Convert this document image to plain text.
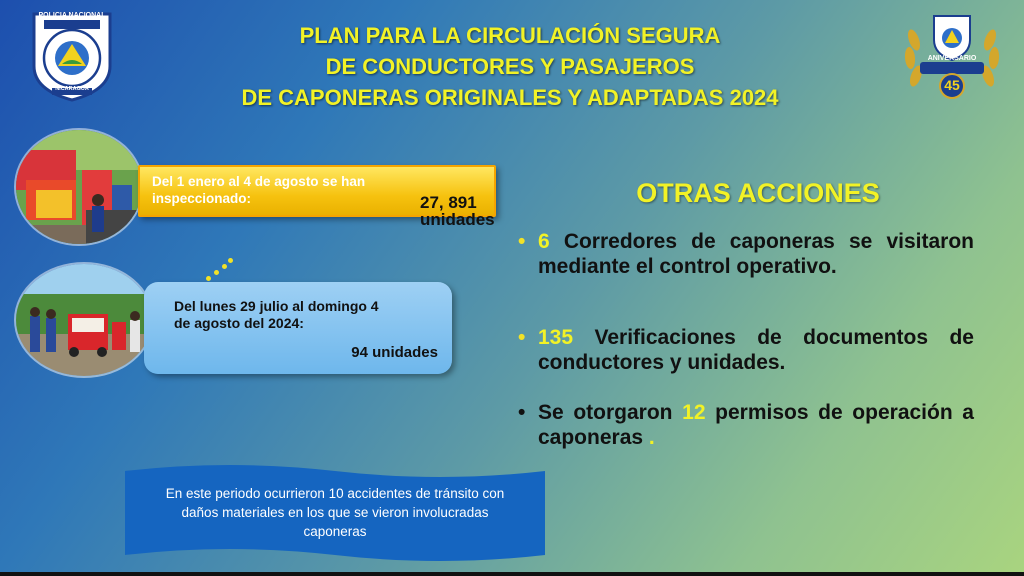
POLICIA NACIONAL
NICARAGUA
ANIVERSARIO
45
PLAN PARA LA CIRCULACIÓN SEGURA
DE CONDUCTORES Y PASAJEROS
DE CAPONERAS ORIGINALES Y ADAPTADAS 2024
Del 1 enero al 4 de agosto se han
inspeccionado:	27, 891 unidades
Del lunes 29 julio al domingo 4
de agosto del 2024:
94 unidades
OTRAS ACCIONES
• 6 Corredores de caponeras se visitaron mediante el control operativo.
• 135 Verificaciones de documentos de conductores y unidades.
• Se otorgaron 12 permisos de operación a caponeras .
En este periodo ocurrieron 10 accidentes de tránsito con daños materiales en los que se vieron involucradas caponeras
